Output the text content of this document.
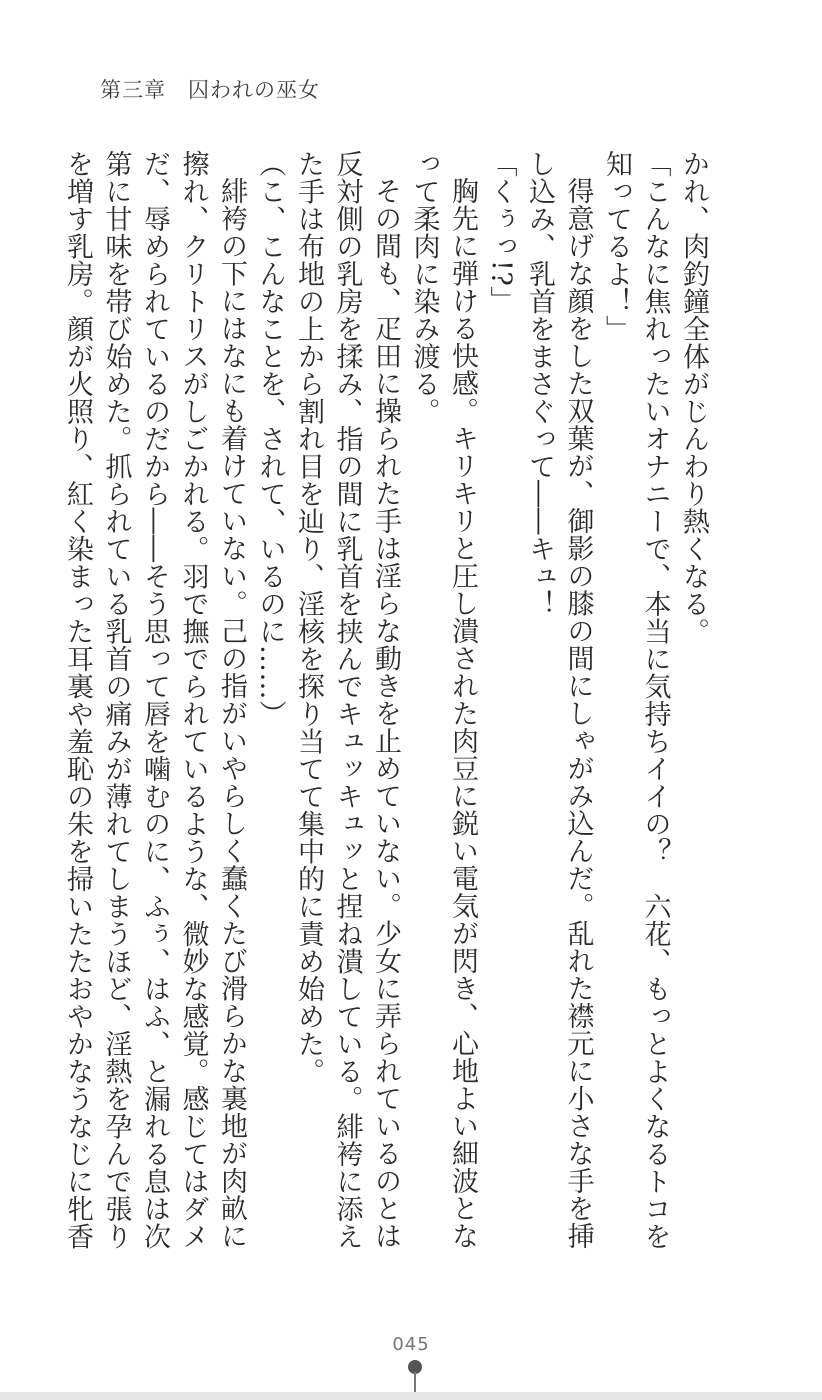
第三章　囚われの巫女

かれ、肉釣鐘全体がじんわり熱くなる。

「こんなに焦れったいオナニーで、本当に気持ちイイの？　六花、もっとよくなるトコを

知ってるよ！」

得意げな顔をした双葉が、御影の膝の間にしゃがみ込んだ。乱れた襟元に小さな手を挿

し込み、乳首をまさぐって――キュ！

「くぅっ!?」

胸先に弾ける快感。キリキリと圧し潰された肉豆に鋭い電気が閃き、心地よい細波とな

って柔肉に染み渡る。

その間も、疋田に操られた手は淫らな動きを止めていない。少女に弄られているのとは

反対側の乳房を揉み、指の間に乳首を挟んでキュッキュッと捏ね潰している。緋袴に添え

た手は布地の上から割れ目を辿り、淫核を探り当てて集中的に責め始めた。

（こ、こんなことを、されて、いるのに……）

緋袴の下にはなにも着けていない。己の指がいやらしく蠢くたび滑らかな裏地が肉畝に

擦れ、クリトリスがしごかれる。羽で撫でられているような、微妙な感覚。感じてはダメ

だ、辱められているのだから――そう思って唇を噛むのに、ふぅ、はふ、と漏れる息は次

第に甘味を帯び始めた。抓られている乳首の痛みが薄れてしまうほど、淫熱を孕んで張り

を増す乳房。顔が火照り、紅く染まった耳裏や羞恥の朱を掃いたたおやかなうなじに牝香

045
